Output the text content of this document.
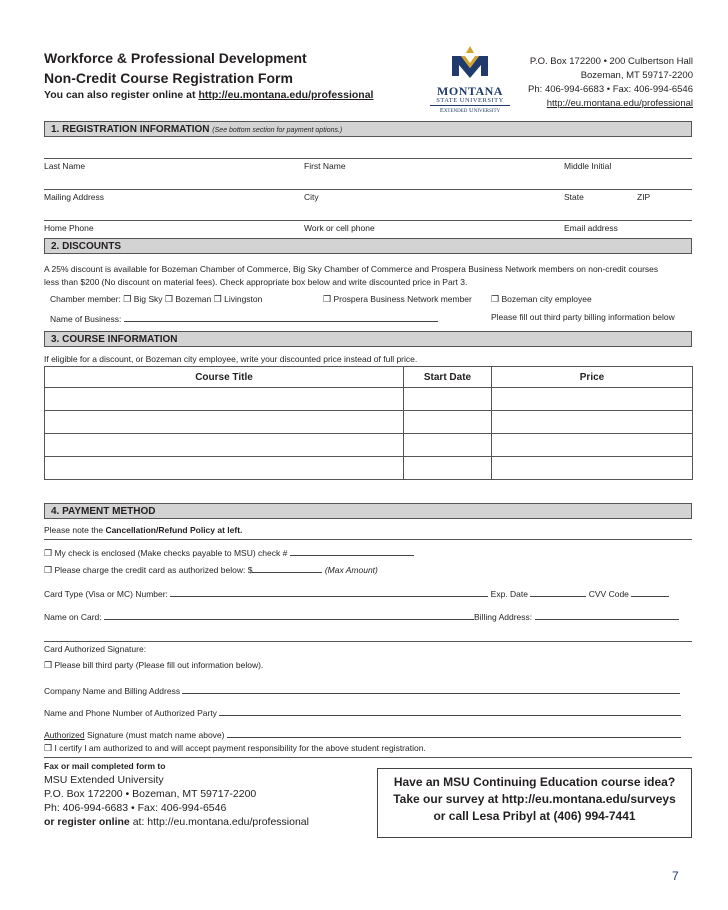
Workforce & Professional Development
Non-Credit Course Registration Form
You can also register online at http://eu.montana.edu/professional	MONTANA
STATE UNIVERSITY
Extended University
P.O. Box 172200 • 200 Culbertson Hall
Bozeman, MT 59717-2200
Ph: 406-994-6683 • Fax: 406-994-6546
http://eu.montana.edu/professional
1. REGISTRATION INFORMATION (See bottom section for payment options.)
Last Name	First Name	Middle Initial
Mailing Address	City	State	ZIP
Home Phone	Work or cell phone	Email address
2. DISCOUNTS
A 25% discount is available for Bozeman Chamber of Commerce, Big Sky Chamber of Commerce and Prospera Business Network members on non-credit courses
less than $200 (No discount on material fees). Check appropriate box below and write discounted price in Part 3.
Chamber member: ❒ Big Sky ❒ Bozeman ❒ Livingston	❒ Prospera Business Network member ❒ Bozeman city employee
Name of Business:	Please fill out third party billing information below
3. COURSE INFORMATION
If eligible for a discount, or Bozeman city employee, write your discounted price instead of full price.
Course Title	Start Date	Price

4. PAYMENT METHOD
Please note the Cancellation/Refund Policy at left.
❒ My check is enclosed (Make checks payable to MSU) check #
❒ Please charge the credit card as authorized below: $	(Max Amount)
Card Type (Visa or MC) Number:	Exp. Date	CVV Code
Name on Card:	Billing Address:
Card Authorized Signature:
❒ Please bill third party (Please fill out information below).
Company Name and Billing Address
Name and Phone Number of Authorized Party
Authorized Signature (must match name above)
❒ I certify I am authorized to and will accept payment responsibility for the above student registration.
Fax or mail completed form to
MSU Extended University
P.O. Box 172200 • Bozeman, MT 59717-2200
Ph: 406-994-6683 • Fax: 406-994-6546
or register online at: http://eu.montana.edu/professional
Have an MSU Continuing Education course idea?
Take our survey at http://eu.montana.edu/surveys
or call Lesa Pribyl at (406) 994-7441
7
